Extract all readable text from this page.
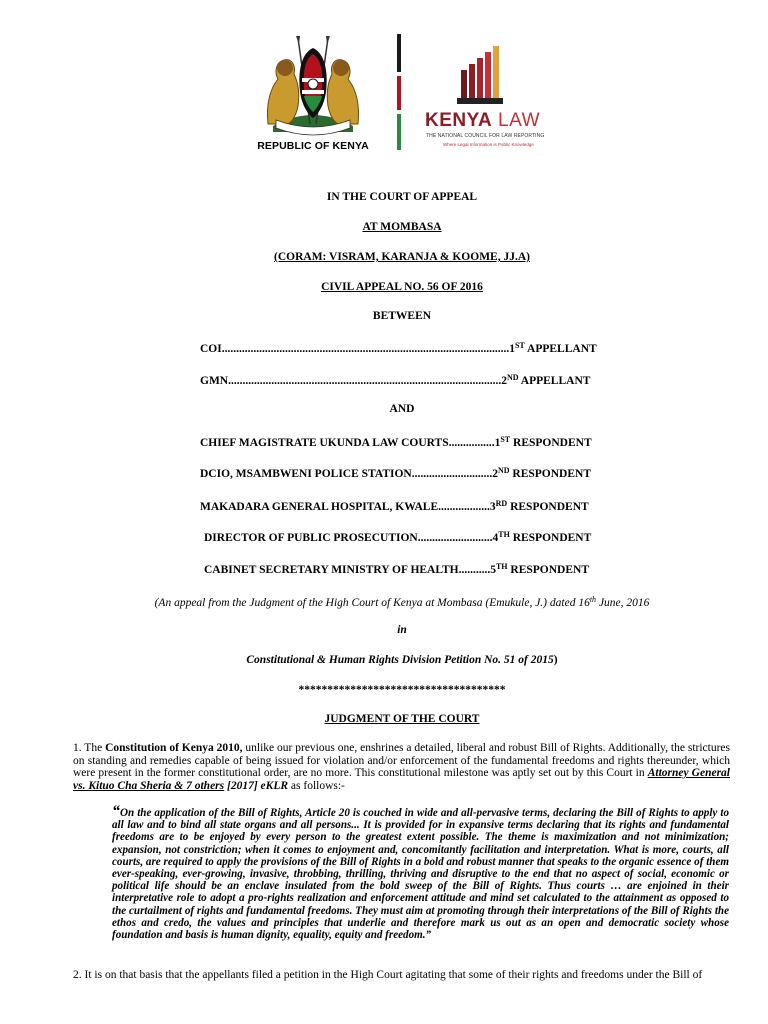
REPUBLIC OF KENYA
KENYA LAW
THE NATIONAL COUNCIL FOR LAW REPORTING
Where Legal Information is Public Knowledge
IN THE COURT OF APPEAL
AT MOMBASA
(CORAM: VISRAM, KARANJA & KOOME, JJ.A)
CIVIL APPEAL NO. 56 OF 2016
BETWEEN
COI....................................................................................................1ST APPELLANT
GMN...............................................................................................2ND APPELLANT
AND
CHIEF MAGISTRATE UKUNDA LAW COURTS................1ST RESPONDENT
DCIO, MSAMBWENI POLICE STATION............................2ND RESPONDENT
MAKADARA GENERAL HOSPITAL, KWALE..................3RD RESPONDENT
DIRECTOR OF PUBLIC PROSECUTION..........................4TH RESPONDENT
CABINET SECRETARY MINISTRY OF HEALTH...........5TH RESPONDENT
(An appeal from the Judgment of the High Court of Kenya at Mombasa (Emukule, J.) dated 16th June, 2016
in
Constitutional & Human Rights Division Petition No. 51 of 2015)
************************************
JUDGMENT OF THE COURT
1. The Constitution of Kenya 2010, unlike our previous one, enshrines a detailed, liberal and robust Bill of Rights. Additionally, the strictures on standing and remedies capable of being issued for violation and/or enforcement of the fundamental freedoms and rights thereunder, which were present in the former constitutional order, are no more. This constitutional milestone was aptly set out by this Court in Attorney General vs. Kituo Cha Sheria & 7 others [2017] eKLR as follows:-
“On the application of the Bill of Rights, Article 20 is couched in wide and all-pervasive terms, declaring the Bill of Rights to apply to all law and to bind all state organs and all persons... It is provided for in expansive terms declaring that its rights and fundamental freedoms are to be enjoyed by every person to the greatest extent possible. The theme is maximization and not minimization; expansion, not constriction; when it comes to enjoyment and, concomitantly facilitation and interpretation. What is more, courts, all courts, are required to apply the provisions of the Bill of Rights in a bold and robust manner that speaks to the organic essence of them ever-speaking, ever-growing, invasive, throbbing, thrilling, thriving and disruptive to the end that no aspect of social, economic or political life should be an enclave insulated from the bold sweep of the Bill of Rights. Thus courts … are enjoined in their interpretative role to adopt a pro-rights realization and enforcement attitude and mind set calculated to the attainment as opposed to the curtailment of rights and fundamental freedoms. They must aim at promoting through their interpretations of the Bill of Rights the ethos and credo, the values and principles that underlie and therefore mark us out as an open and democratic society whose foundation and basis is human dignity, equality, equity and freedom.”
2. It is on that basis that the appellants filed a petition in the High Court agitating that some of their rights and freedoms under the Bill of
